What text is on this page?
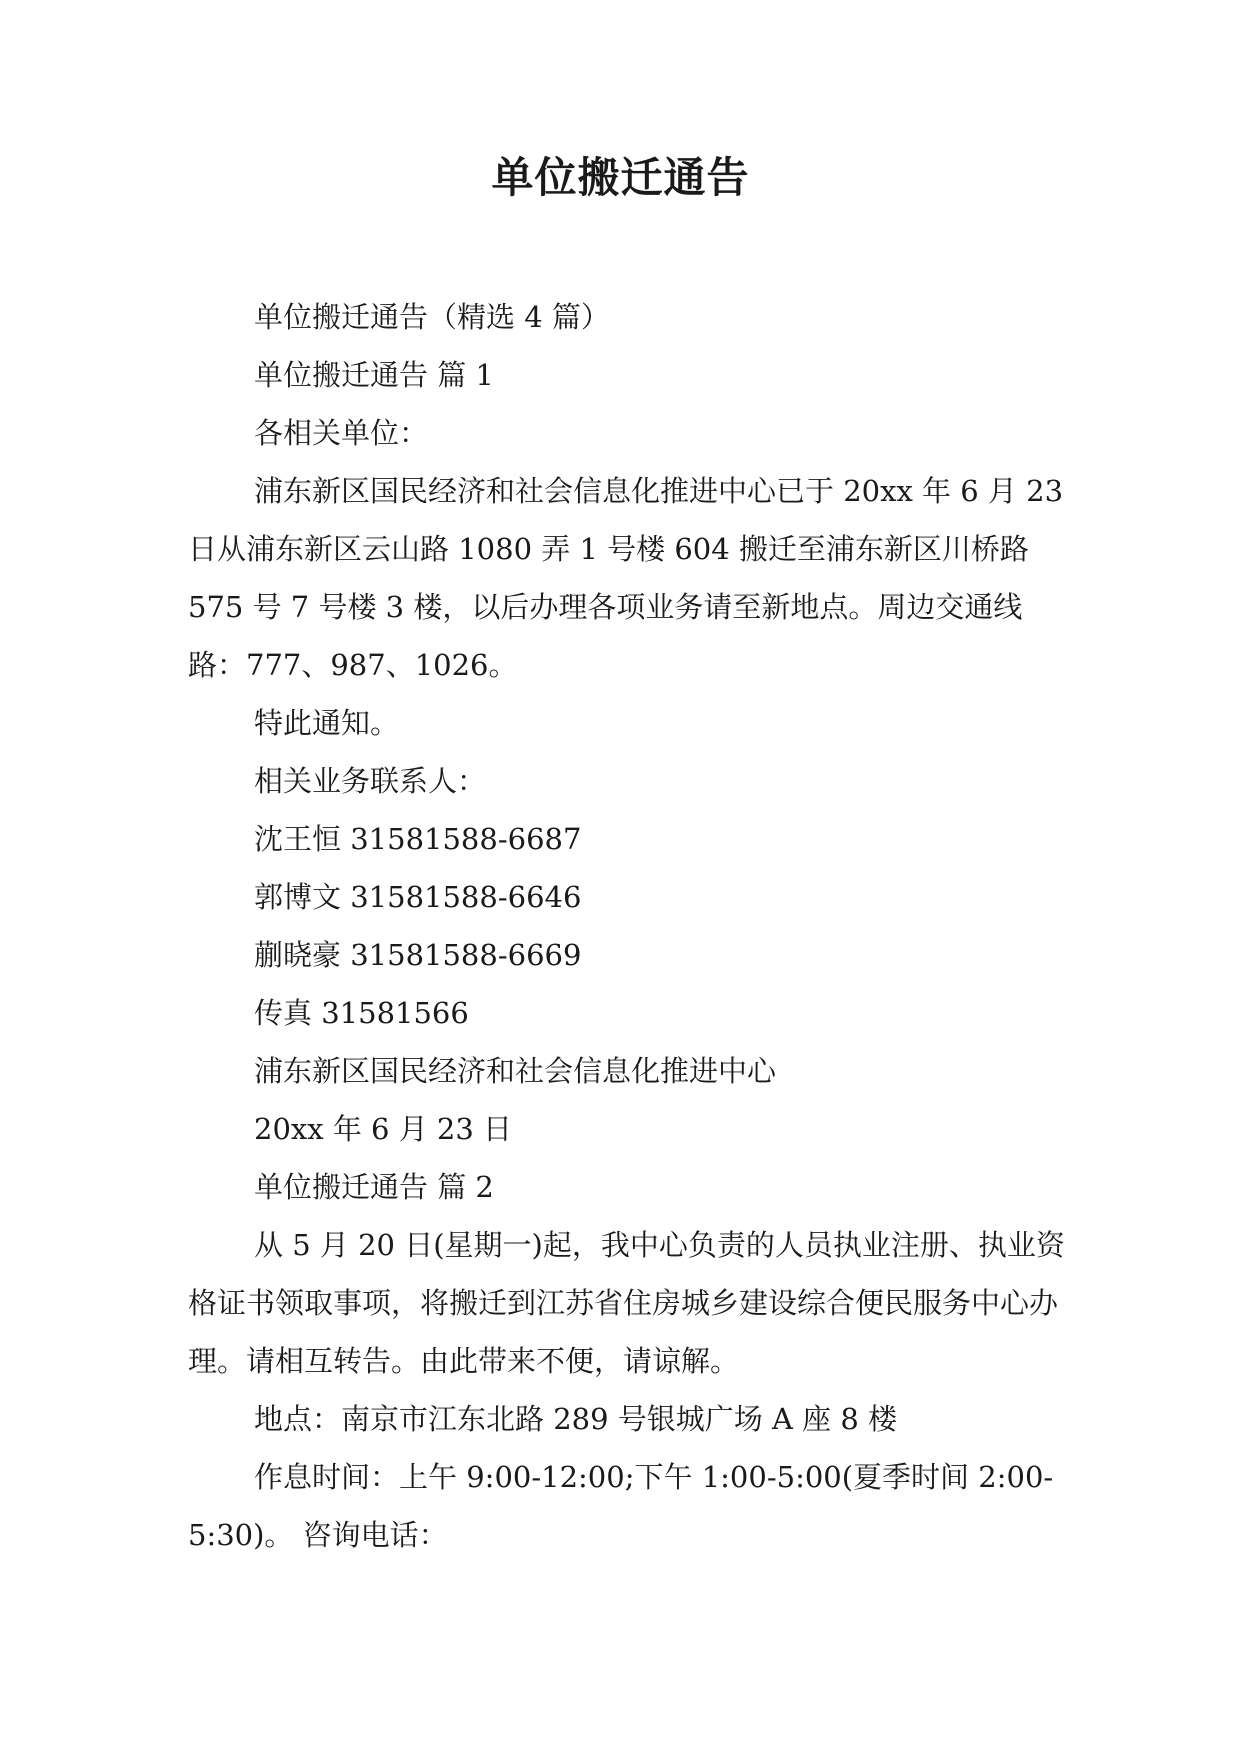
单位搬迁通告

单位搬迁通告（精选 4 篇）

单位搬迁通告 篇 1

各相关单位：

浦东新区国民经济和社会信息化推进中心已于 20xx 年 6 月 23 日从浦东新区云山路 1080 弄 1 号楼 604 搬迁至浦东新区川桥路 575 号 7 号楼 3 楼，以后办理各项业务请至新地点。周边交通线路：777、987、1026。

特此通知。

相关业务联系人：

沈王恒 31581588-6687

郭博文 31581588-6646

蒯晓豪 31581588-6669

传真 31581566

浦东新区国民经济和社会信息化推进中心

20xx 年 6 月 23 日

单位搬迁通告 篇 2

从 5 月 20 日(星期一)起，我中心负责的人员执业注册、执业资格证书领取事项，将搬迁到江苏省住房城乡建设综合便民服务中心办理。请相互转告。由此带来不便，请谅解。

地点：南京市江东北路 289 号银城广场 A 座 8 楼

作息时间：上午 9:00-12:00;下午 1:00-5:00(夏季时间 2:00-5:30)。 咨询电话：
